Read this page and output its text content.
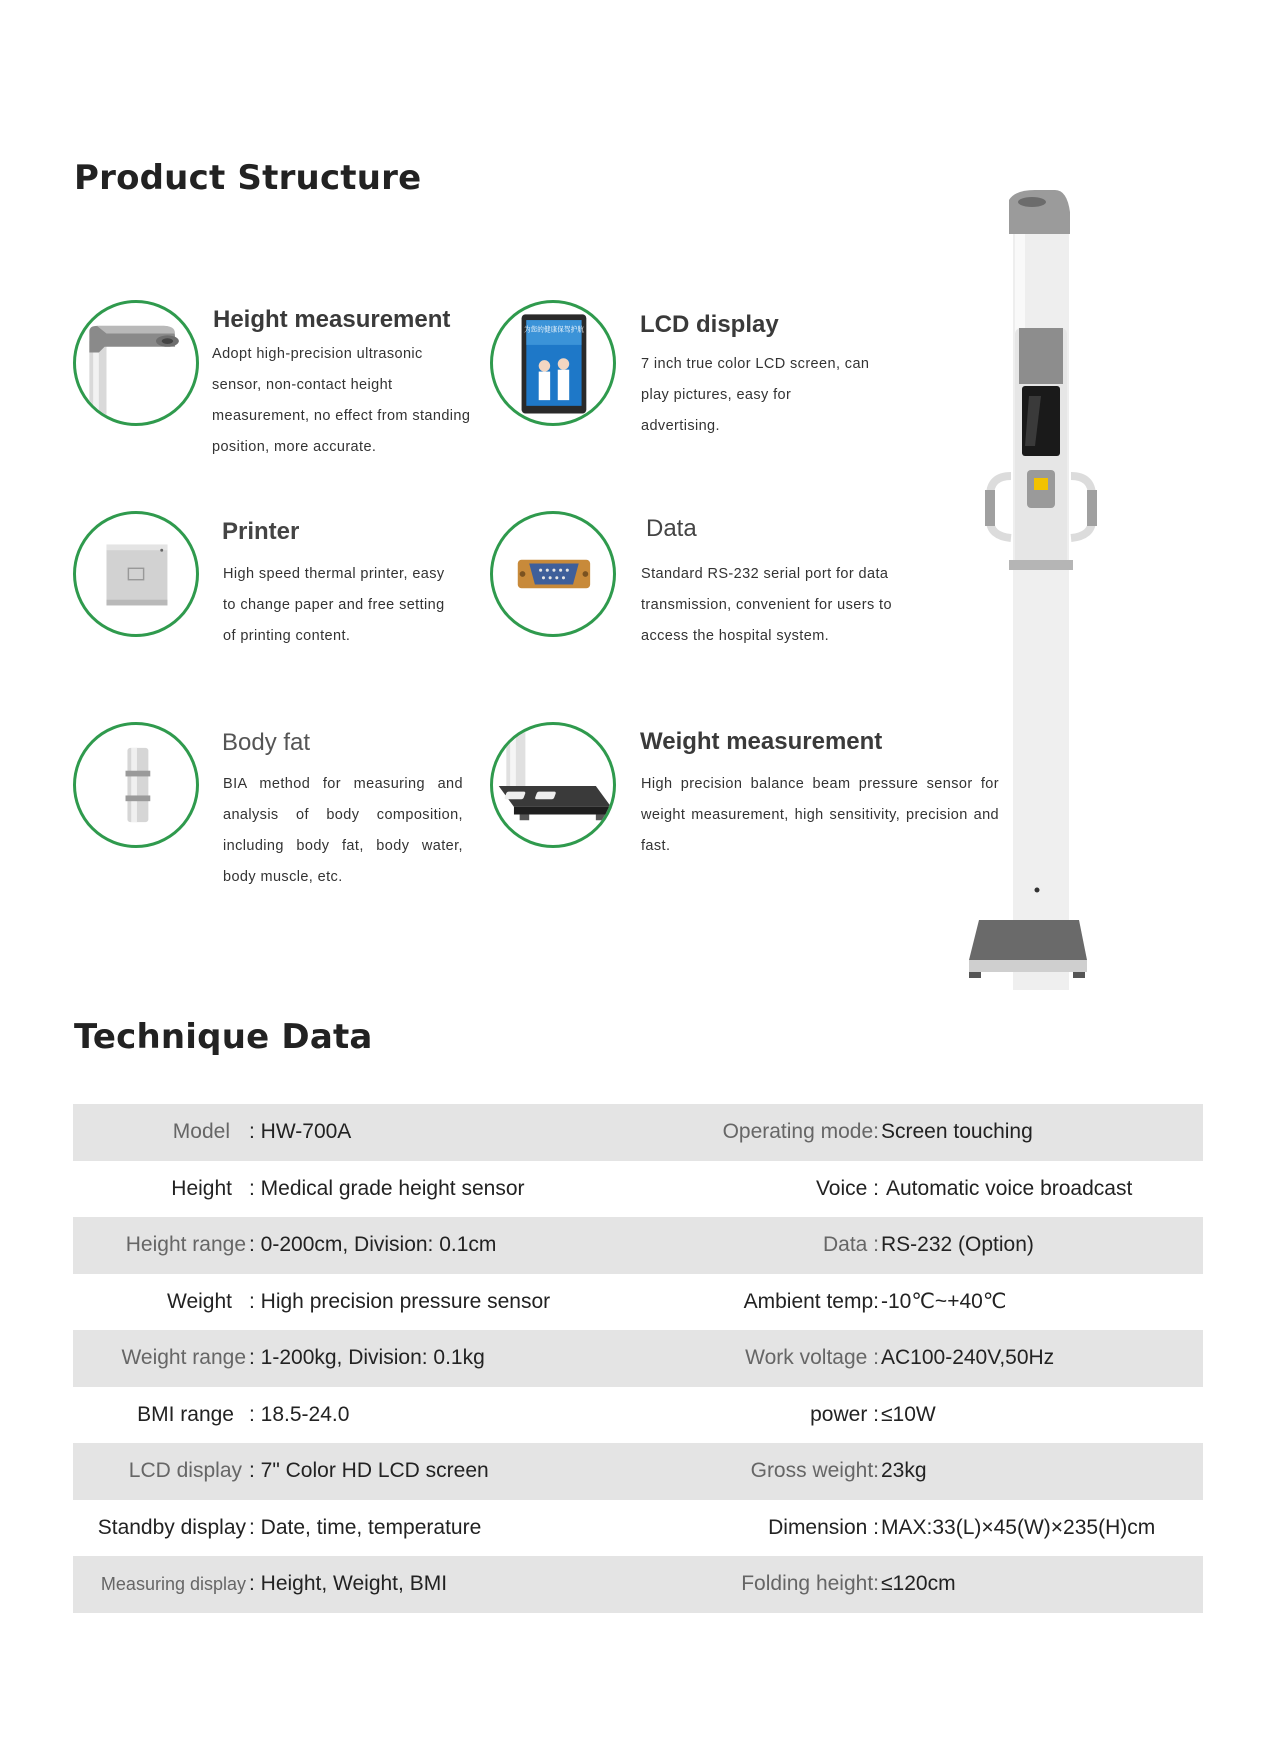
Product Structure
Technique Data
Height measurement
Adopt high-precision ultrasonic sensor, non-contact height measurement, no effect from standing position, more accurate.
为您的健康保驾护航 LCD display
7 inch true color LCD screen, can play pictures, easy for advertising.
Printer
High speed thermal printer, easy to change paper and free setting of printing content.
Data
Standard RS-232 serial port for data transmission, convenient for users to access the hospital system.
Body fat
BIA method for measuring and analysis of body composition, including body fat, body water, body muscle, etc.
Weight measurement
High precision balance beam pressure sensor for weight measurement, high sensitivity, precision and fast.
Model : HW-700A	Operating mode: Screen touching
Height : Medical grade height sensor	Voice : Automatic voice broadcast
Height range : 0-200cm, Division: 0.1cm	Data : RS-232 (Option)
Weight : High precision pressure sensor	Ambient temp: -10℃~+40℃
Weight range : 1-200kg, Division: 0.1kg	Work voltage : AC100-240V,50Hz
BMI range : 18.5-24.0	power : ≤10W
LCD display : 7" Color HD LCD screen	Gross weight: 23kg
Standby display : Date, time, temperature	Dimension : MAX:33(L)×45(W)×235(H)cm
Measuring display : Height, Weight, BMI	Folding height: ≤120cm
